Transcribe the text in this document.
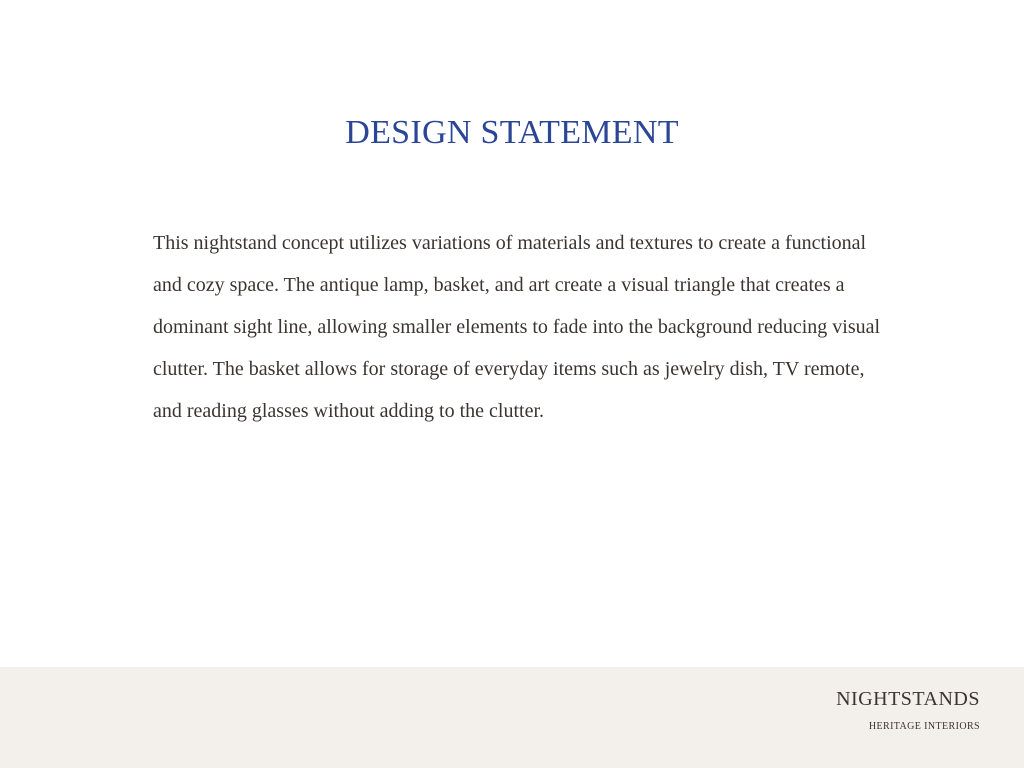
DESIGN STATEMENT

This nightstand concept utilizes variations of materials and textures to create a functional and cozy space. The antique lamp, basket, and art create a visual triangle that creates a dominant sight line, allowing smaller elements to fade into the background reducing visual clutter. The basket allows for storage of everyday items such as jewelry dish, TV remote, and reading glasses without adding to the clutter.

NIGHTSTANDS
HERITAGE INTERIORS
